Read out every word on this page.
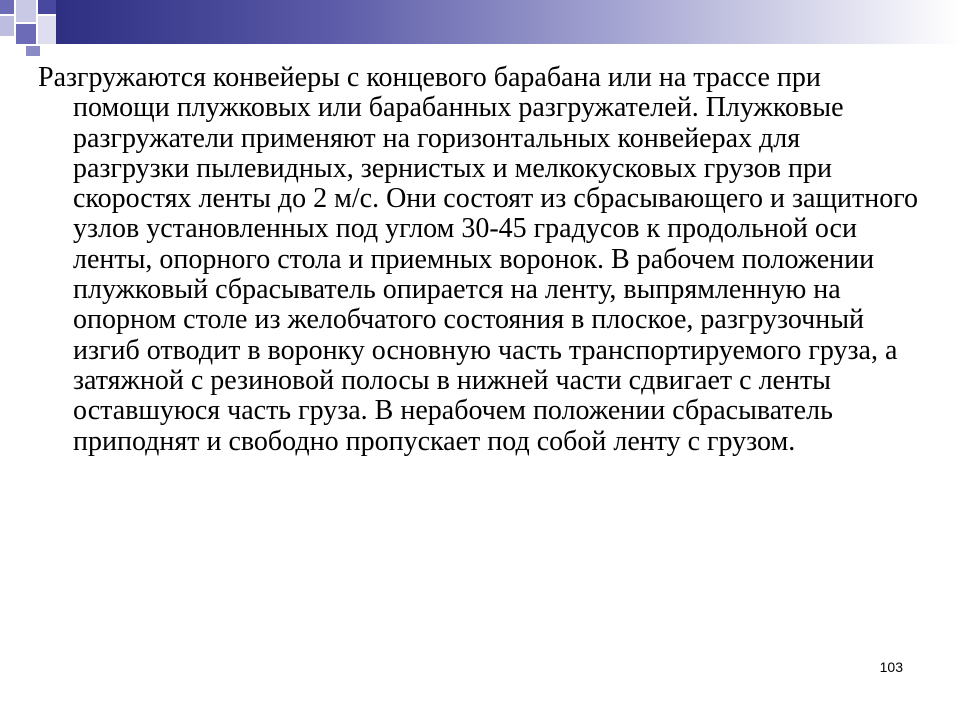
Разгружаются конвейеры с концевого барабана или на трассе при помощи плужковых или барабанных разгружателей. Плужковые разгружатели применяют на горизонтальных конвейерах для разгрузки пылевидных, зернистых и мелкокусковых грузов при скоростях ленты до 2 м/с. Они состоят из сбрасывающего и защитного узлов установленных под углом 30-45 градусов к продольной оси ленты, опорного стола и приемных воронок. В рабочем положении плужковый сбрасыватель опирается на ленту, выпрямленную на опорном столе из желобчатого состояния в плоское, разгрузочный изгиб отводит в воронку основную часть транспортируемого груза, а затяжной с резиновой полосы в нижней части сдвигает с ленты оставшуюся часть груза. В нерабочем положении сбрасыватель приподнят и свободно пропускает под собой ленту с грузом.

103
